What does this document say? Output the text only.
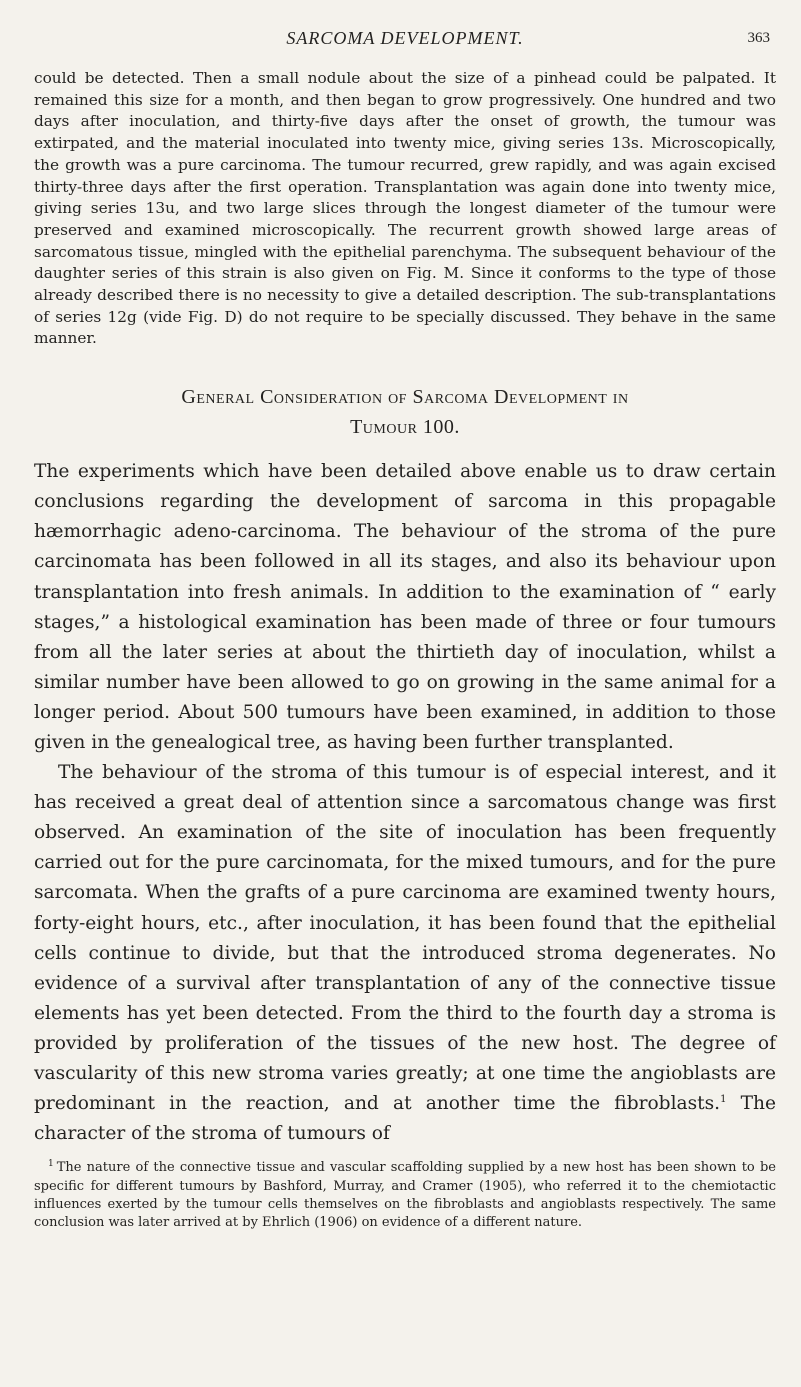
SARCOMA DEVELOPMENT.	363

could be detected. Then a small nodule about the size of a pinhead could be palpated. It remained this size for a month, and then began to grow progressively. One hundred and two days after inoculation, and thirty-five days after the onset of growth, the tumour was extirpated, and the material inoculated into twenty mice, giving series 13s. Microscopically, the growth was a pure carcinoma. The tumour recurred, grew rapidly, and was again excised thirty-three days after the first operation. Transplantation was again done into twenty mice, giving series 13u, and two large slices through the longest diameter of the tumour were preserved and examined microscopically. The recurrent growth showed large areas of sarcomatous tissue, mingled with the epithelial parenchyma. The subsequent behaviour of the daughter series of this strain is also given on Fig. M. Since it conforms to the type of those already described there is no necessity to give a detailed description. The sub-transplantations of series 12g (vide Fig. D) do not require to be specially discussed. They behave in the same manner.

General Consideration of Sarcoma Development in
Tumour 100.

The experiments which have been detailed above enable us to draw certain conclusions regarding the development of sarcoma in this propagable hæmorrhagic adeno-carcinoma. The behaviour of the stroma of the pure carcinomata has been followed in all its stages, and also its behaviour upon transplantation into fresh animals. In addition to the examination of “ early stages,” a histological examination has been made of three or four tumours from all the later series at about the thirtieth day of inoculation, whilst a similar number have been allowed to go on growing in the same animal for a longer period. About 500 tumours have been examined, in addition to those given in the genealogical tree, as having been further transplanted.

The behaviour of the stroma of this tumour is of especial interest, and it has received a great deal of attention since a sarcomatous change was first observed. An examination of the site of inoculation has been frequently carried out for the pure carcinomata, for the mixed tumours, and for the pure sarcomata. When the grafts of a pure carcinoma are examined twenty hours, forty-eight hours, etc., after inoculation, it has been found that the epithelial cells continue to divide, but that the introduced stroma degenerates. No evidence of a survival after transplantation of any of the connective tissue elements has yet been detected. From the third to the fourth day a stroma is provided by proliferation of the tissues of the new host. The degree of vascularity of this new stroma varies greatly; at one time the angioblasts are predominant in the reaction, and at another time the fibroblasts.$^1$ The character of the stroma of tumours of

$^1$ The nature of the connective tissue and vascular scaffolding supplied by a new host has been shown to be specific for different tumours by Bashford, Murray, and Cramer (1905), who referred it to the chemiotactic influences exerted by the tumour cells themselves on the fibroblasts and angioblasts respectively. The same conclusion was later arrived at by Ehrlich (1906) on evidence of a different nature.
